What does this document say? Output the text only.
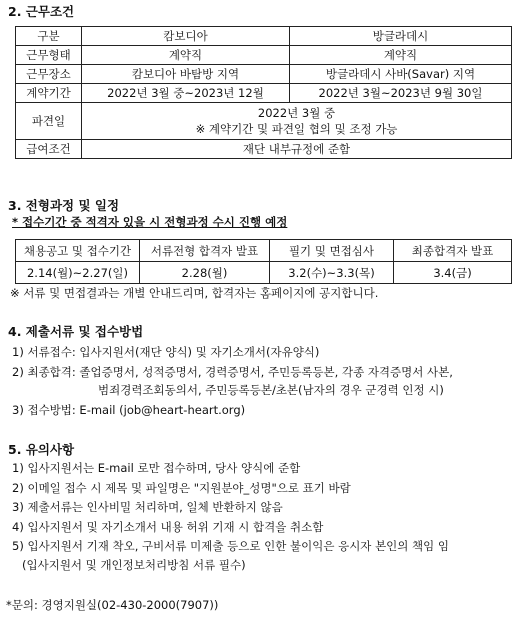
2. 근무조건
구분	캄보디아	방글라데시
근무형태	계약직	계약직
근무장소	캄보디아 바탐방 지역	방글라데시 사바(Savar) 지역
계약기간	2022년 3월 중~2023년 12월	2022년 3월~2023년 9월 30일
파견일	2022년 3월 중
※ 계약기간 및 파견일 협의 및 조정 가능	

급여조건	재단 내부규정에 준함	
3. 전형과정 및 일정
* 접수기간 중 적격자 있을 시 전형과정 수시 진행 예정
채용공고 및 접수기간	서류전형 합격자 발표	필기 및 면접심사	최종합격자 발표
2.14(월)~2.27(일)	2.28(월)	3.2(수)~3.3(목)	3.4(금)
※ 서류 및 면접결과는 개별 안내드리며, 합격자는 홈페이지에 공지합니다.
4. 제출서류 및 접수방법
1) 서류접수: 입사지원서(재단 양식) 및 자기소개서(자유양식)
2) 최종합격: 졸업증명서, 성적증명서, 경력증명서, 주민등록등본, 각종 자격증명서 사본,
범죄경력조회동의서, 주민등록등본/초본(남자의 경우 군경력 인정 시)
3) 접수방법: E-mail (job@heart-heart.org)
5. 유의사항
1) 입사지원서는 E-mail 로만 접수하며, 당사 양식에 준함
2) 이메일 접수 시 제목 및 파일명은 "지원분야_성명"으로 표기 바람
3) 제출서류는 인사비밀 처리하며, 일체 반환하지 않음
4) 입사지원서 및 자기소개서 내용 허위 기재 시 합격을 취소함
5) 입사지원서 기재 착오, 구비서류 미제출 등으로 인한 불이익은 응시자 본인의 책임 임
(입사지원서 및 개인정보처리방침 서류 필수)
*문의: 경영지원실(02-430-2000(7907))
